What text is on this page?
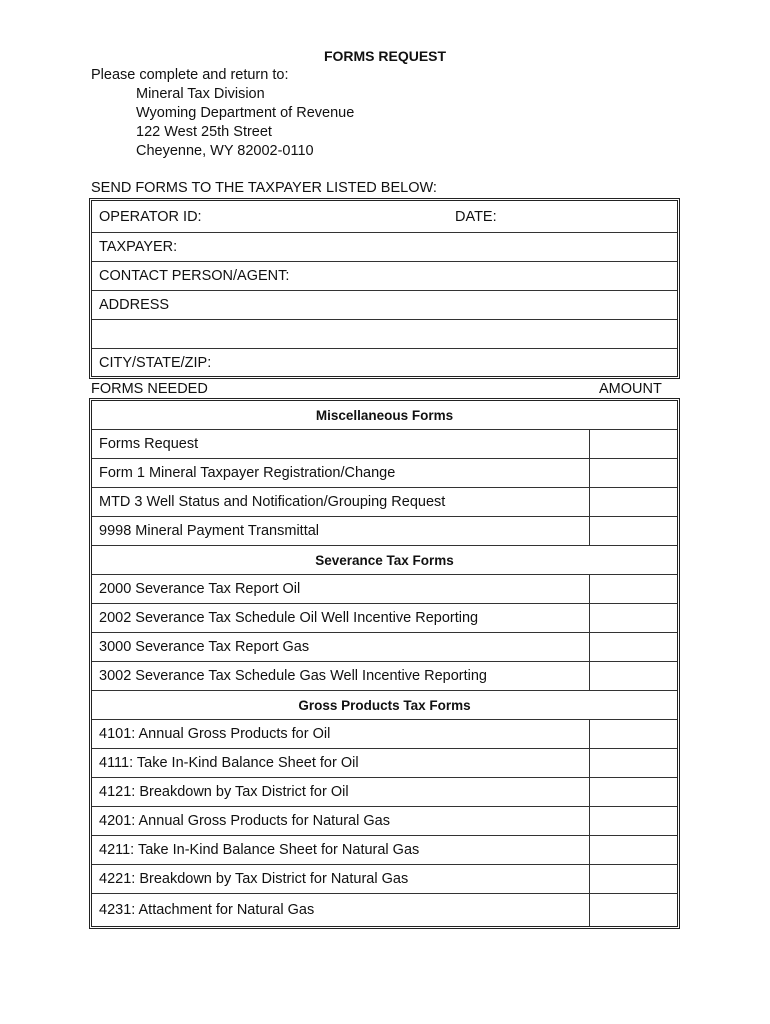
FORMS REQUEST
Please complete and return to:
Mineral Tax Division
Wyoming Department of Revenue
122 West 25th Street
Cheyenne, WY 82002-0110
SEND FORMS TO THE TAXPAYER LISTED BELOW:
OPERATOR ID:	DATE:
TAXPAYER:
CONTACT PERSON/AGENT:
ADDRESS
CITY/STATE/ZIP:
FORMS NEEDED	AMOUNT
Miscellaneous Forms
Forms Request
Form 1 Mineral Taxpayer Registration/Change
MTD 3 Well Status and Notification/Grouping Request
9998 Mineral Payment Transmittal
Severance Tax Forms
2000 Severance Tax Report Oil
2002 Severance Tax Schedule Oil Well Incentive Reporting
3000 Severance Tax Report Gas
3002 Severance Tax Schedule Gas Well Incentive Reporting
Gross Products Tax Forms
4101: Annual Gross Products for Oil
4111: Take In-Kind Balance Sheet for Oil
4121: Breakdown by Tax District for Oil
4201: Annual Gross Products for Natural Gas
4211: Take In-Kind Balance Sheet for Natural Gas
4221: Breakdown by Tax District for Natural Gas
4231: Attachment for Natural Gas
